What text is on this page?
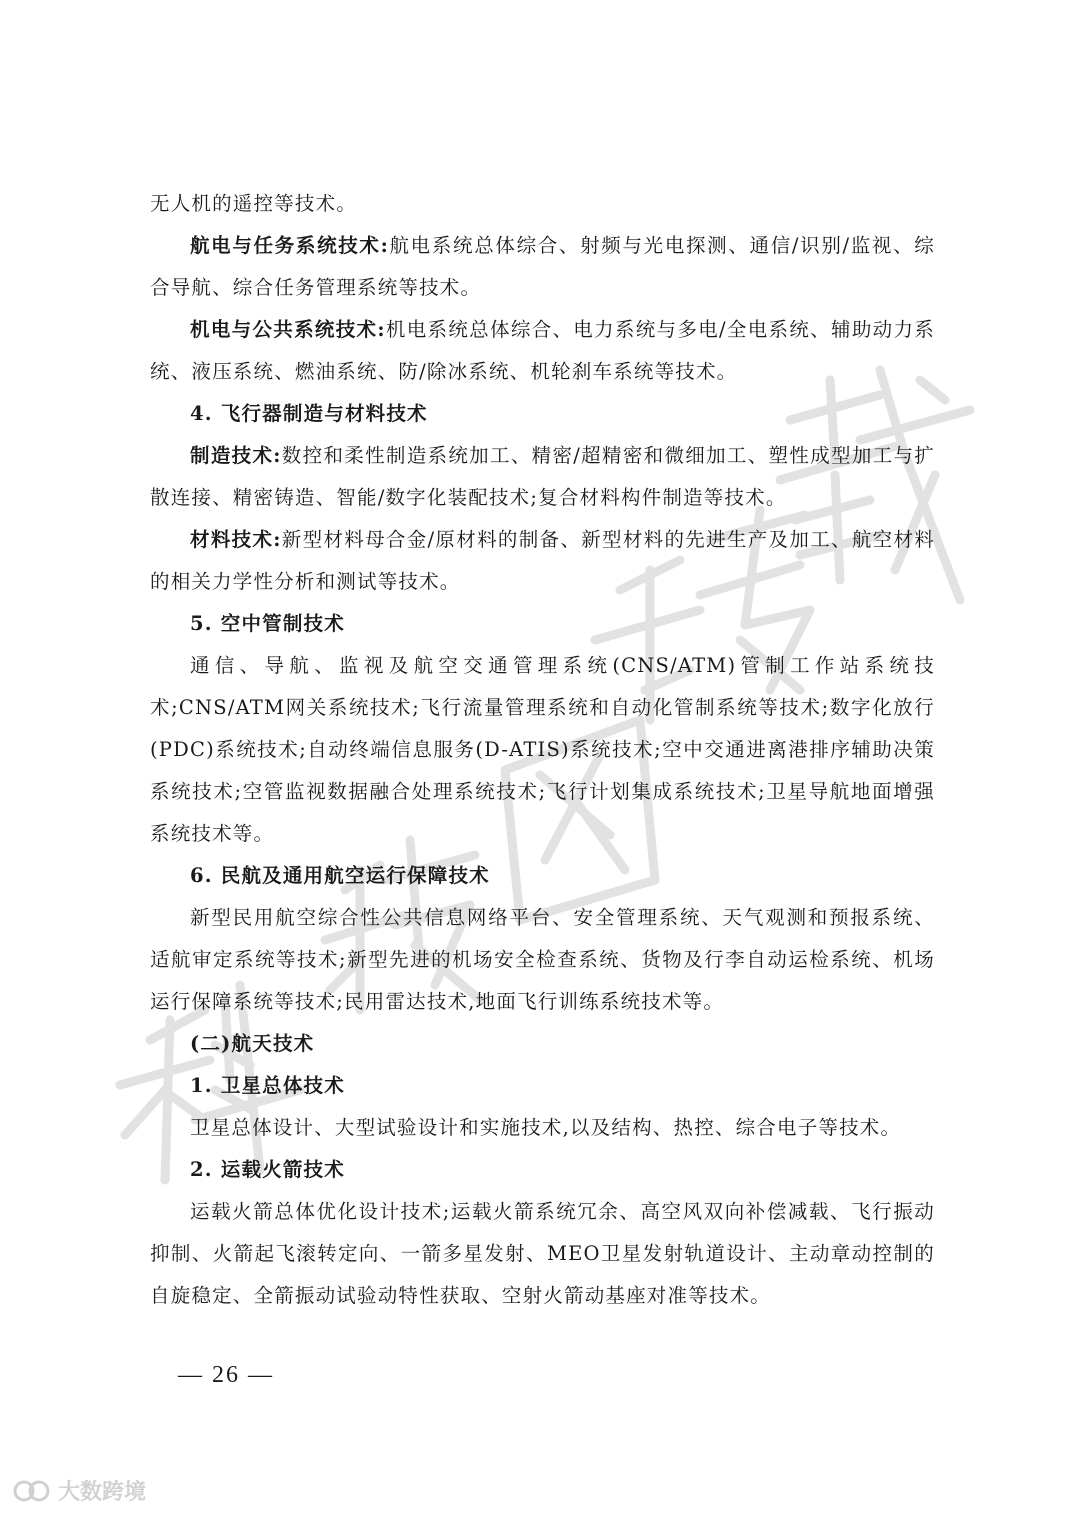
无人机的遥控等技术。

航电与任务系统技术:航电系统总体综合、射频与光电探测、通信/识别/监视、综合导航、综合任务管理系统等技术。

机电与公共系统技术:机电系统总体综合、电力系统与多电/全电系统、辅助动力系统、液压系统、燃油系统、防/除冰系统、机轮刹车系统等技术。

4. 飞行器制造与材料技术

制造技术:数控和柔性制造系统加工、精密/超精密和微细加工、塑性成型加工与扩散连接、精密铸造、智能/数字化装配技术;复合材料构件制造等技术。

材料技术:新型材料母合金/原材料的制备、新型材料的先进生产及加工、航空材料的相关力学性分析和测试等技术。

5. 空中管制技术

通信、导航、监视及航空交通管理系统(CNS/ATM)管制工作站系统技术;CNS/ATM网关系统技术;飞行流量管理系统和自动化管制系统等技术;数字化放行(PDC)系统技术;自动终端信息服务(D-ATIS)系统技术;空中交通进离港排序辅助决策系统技术;空管监视数据融合处理系统技术;飞行计划集成系统技术;卫星导航地面增强系统技术等。

6. 民航及通用航空运行保障技术

新型民用航空综合性公共信息网络平台、安全管理系统、天气观测和预报系统、适航审定系统等技术;新型先进的机场安全检查系统、货物及行李自动运检系统、机场运行保障系统等技术;民用雷达技术,地面飞行训练系统技术等。

(二)航天技术

1. 卫星总体技术

卫星总体设计、大型试验设计和实施技术,以及结构、热控、综合电子等技术。

2. 运载火箭技术

运载火箭总体优化设计技术;运载火箭系统冗余、高空风双向补偿减载、飞行振动抑制、火箭起飞滚转定向、一箭多星发射、MEO卫星发射轨道设计、主动章动控制的自旋稳定、全箭振动试验动特性获取、空射火箭动基座对准等技术。

— 26 —
大数跨境
